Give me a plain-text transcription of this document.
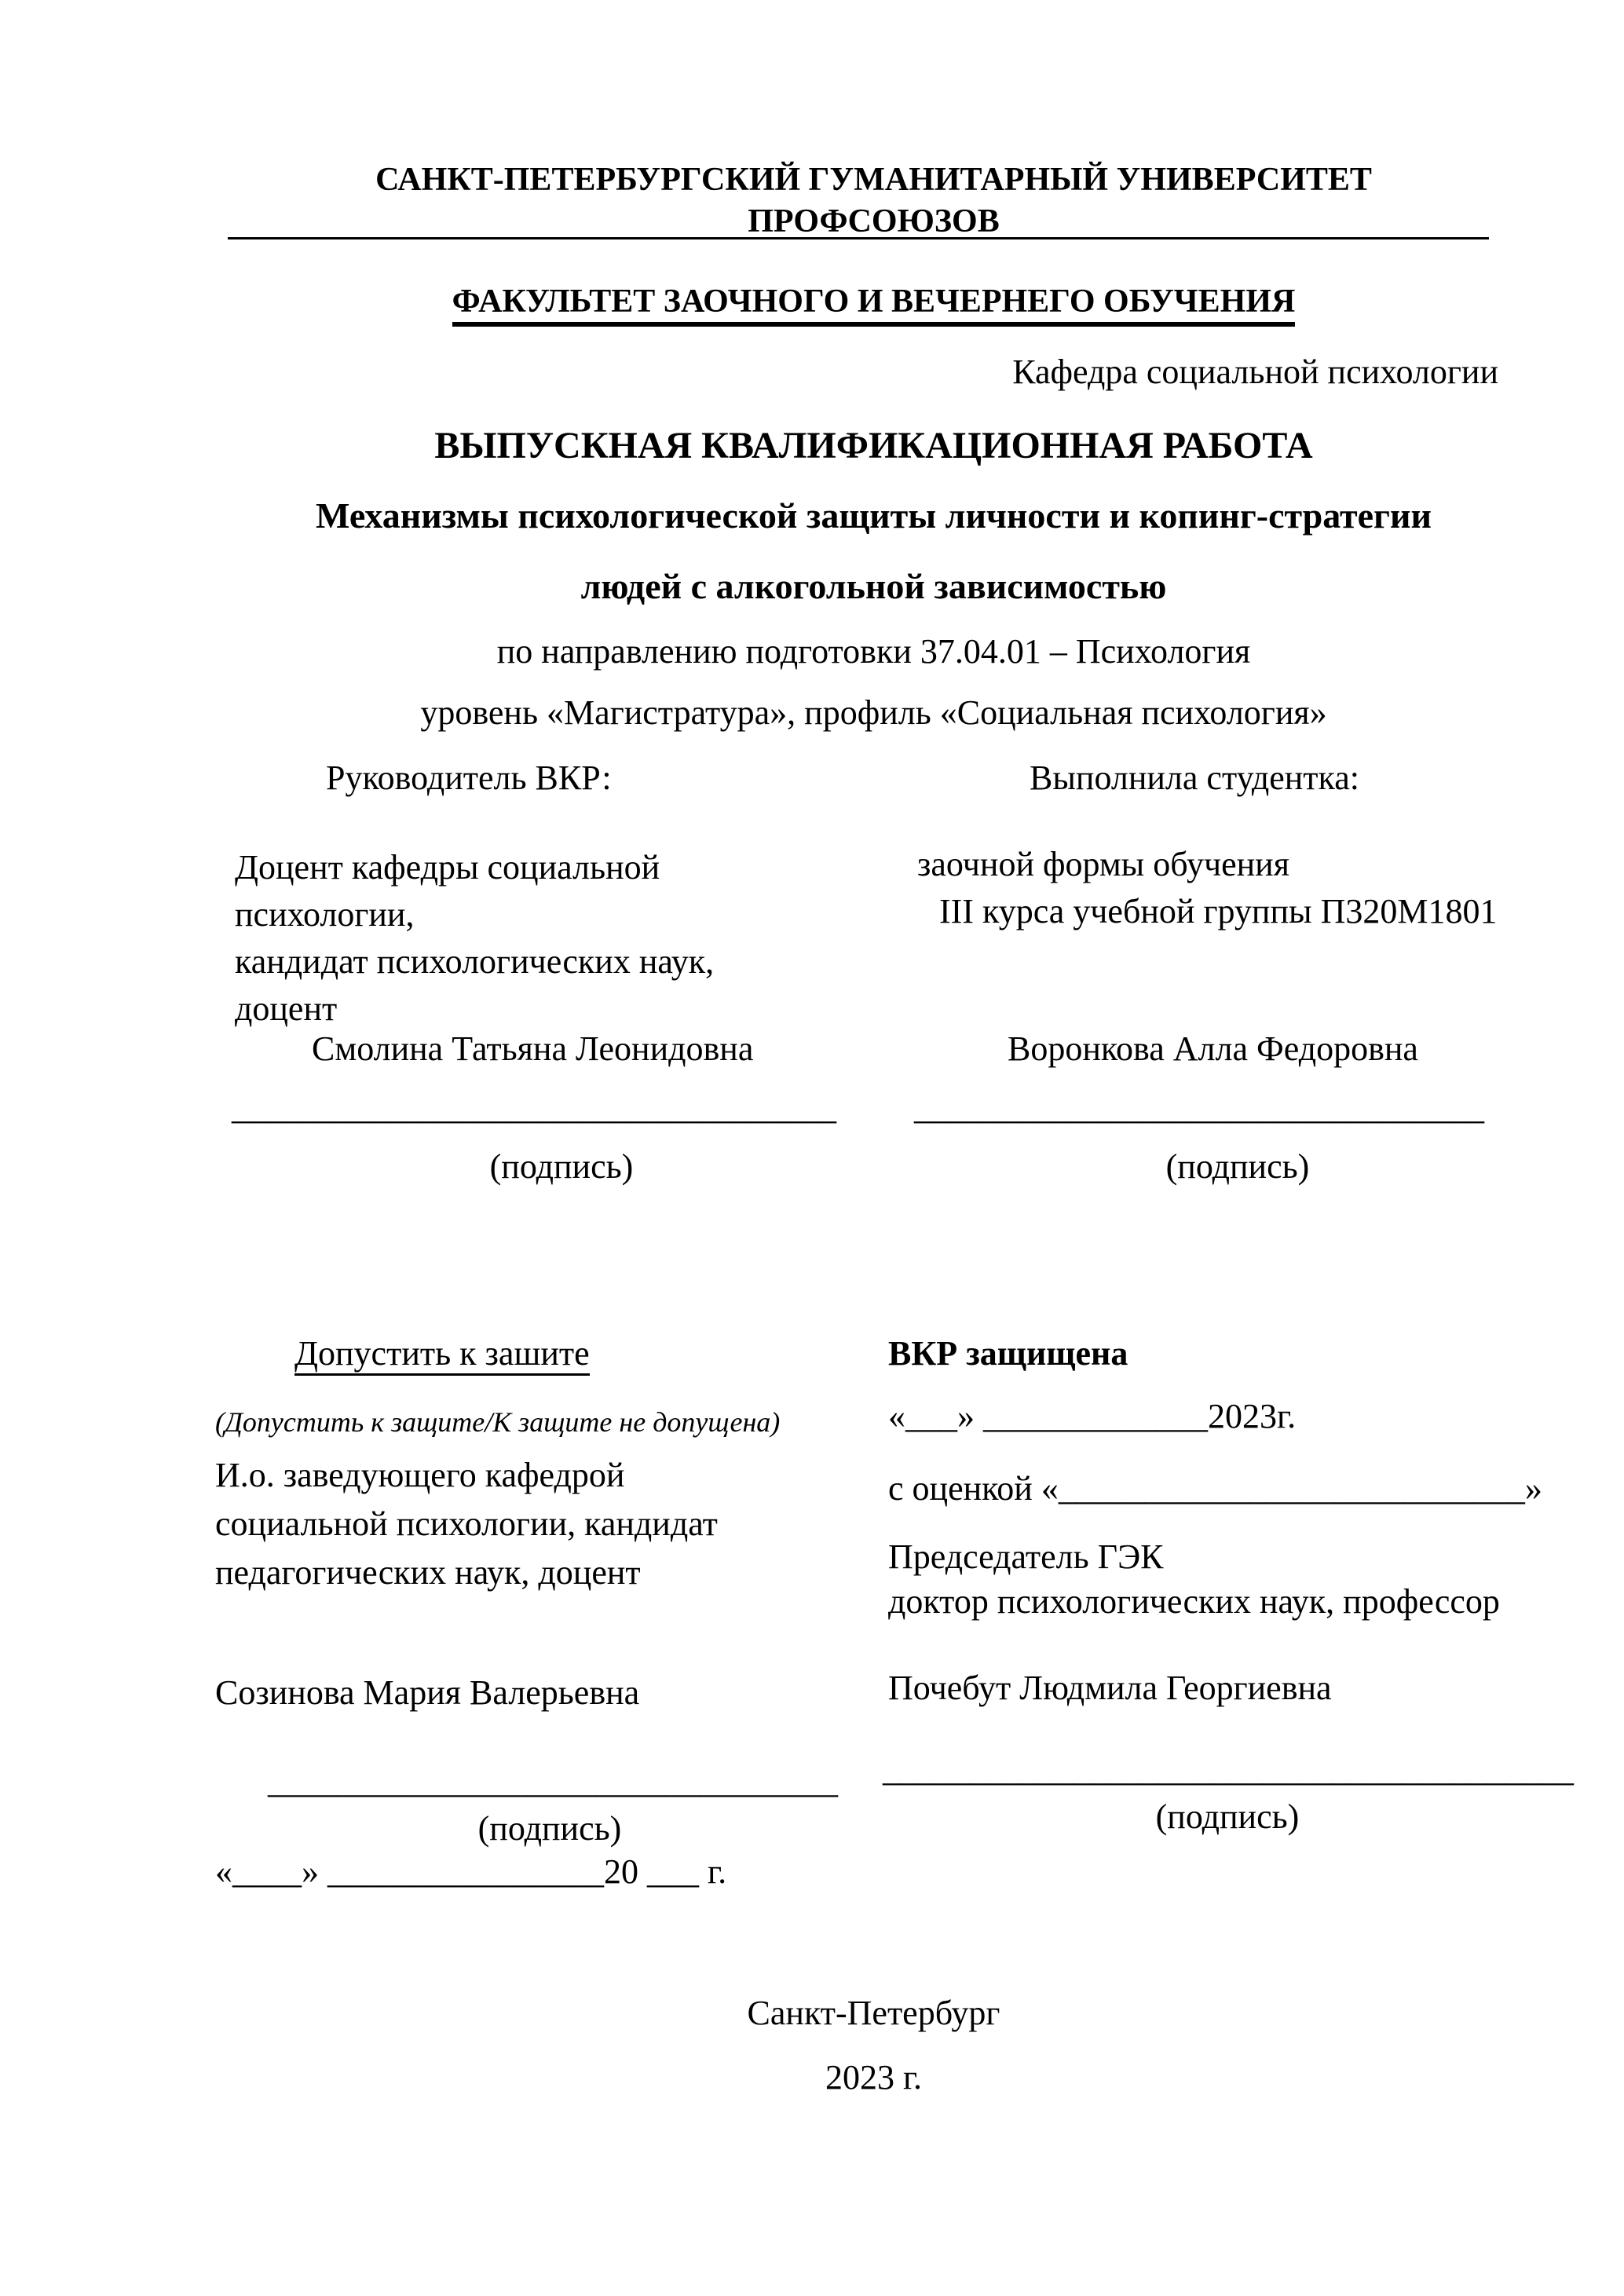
САНКТ-ПЕТЕРБУРГСКИЙ ГУМАНИТАРНЫЙ УНИВЕРСИТЕТ
ПРОФСОЮЗОВ
ФАКУЛЬТЕТ ЗАОЧНОГО И ВЕЧЕРНЕГО ОБУЧЕНИЯ
Кафедра социальной психологии
ВЫПУСКНАЯ КВАЛИФИКАЦИОННАЯ РАБОТА
Механизмы психологической защиты личности и копинг-стратегии
людей с алкогольной зависимостью
по направлению подготовки 37.04.01 – Психология
уровень «Магистратура», профиль «Социальная психология»
Руководитель ВКР:	Выполнила студентка:
Доцент кафедры социальной
психологии,
кандидат психологических наук,
доцент
заочной формы обучения
III курса учебной группы П320М1801
Смолина Татьяна Леонидовна	Воронкова Алла Федоровна
___________________________________ _________________________________
(подпись)	(подпись)
Допустить к зашите	ВКР защищена
(Допустить к защите/К защите не допущена)	«___» _____________2023г.
И.о. заведующего кафедрой
социальной психологии, кандидат
педагогических наук, доцент
с оценкой «___________________________»
Председатель ГЭК
доктор психологических наук, профессор
Созинова Мария Валерьевна	Почебут Людмила Георгиевна
_________________________________ ________________________________________
(подпись)	(подпись)
«____» ________________20 ___ г.
Санкт-Петербург
2023 г.
